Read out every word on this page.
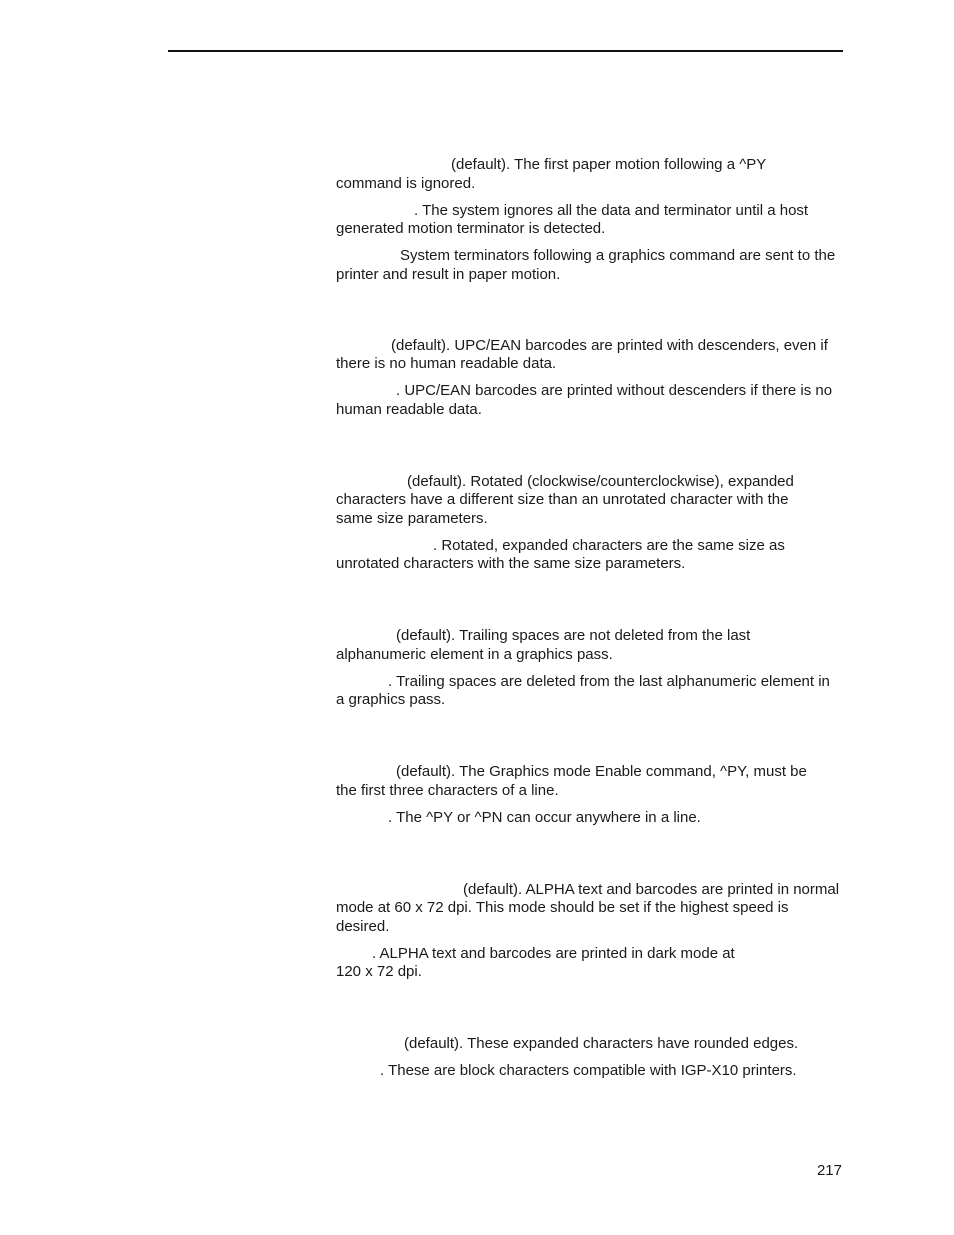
(default). The first paper motion following a ^PY command is ignored.

. The system ignores all the data and terminator until a host generated motion terminator is detected.

System terminators following a graphics command are sent to the printer and result in paper motion.

(default). UPC/EAN barcodes are printed with descenders, even if there is no human readable data.

. UPC/EAN barcodes are printed without descenders if there is no human readable data.

(default). Rotated (clockwise/counterclockwise), expanded characters have a different size than an unrotated character with the same size parameters.

. Rotated, expanded characters are the same size as unrotated characters with the same size parameters.

(default). Trailing spaces are not deleted from the last alphanumeric element in a graphics pass.

. Trailing spaces are deleted from the last alphanumeric element in a graphics pass.

(default). The Graphics mode Enable command, ^PY, must be the first three characters of a line.

. The ^PY or ^PN can occur anywhere in a line.

(default). ALPHA text and barcodes are printed in normal mode at 60 x 72 dpi. This mode should be set if the highest speed is desired.

. ALPHA text and barcodes are printed in dark mode at 120 x 72 dpi.

(default). These expanded characters have rounded edges.

. These are block characters compatible with IGP-X10 printers.

217
